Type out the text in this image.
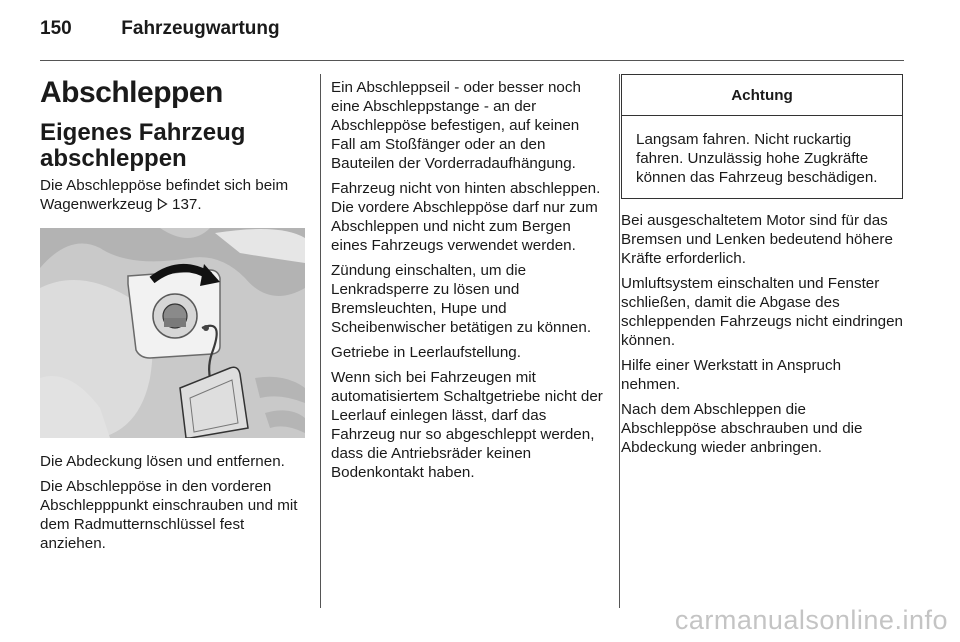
150	Fahrzeugwartung
Abschleppen
Eigenes Fahrzeug abschleppen

Die Abschleppöse befindet sich beim Wagenwerkzeug 137.

Die Abdeckung lösen und entfernen.

Die Abschleppöse in den vorderen Abschlepppunkt einschrauben und mit dem Radmutternschlüssel fest anziehen.

Ein Abschleppseil - oder besser noch eine Abschleppstange - an der Abschleppöse befestigen, auf keinen Fall am Stoßfänger oder an den Bauteilen der Vorderradaufhängung.

Fahrzeug nicht von hinten abschleppen. Die vordere Abschleppöse darf nur zum Abschleppen und nicht zum Bergen eines Fahrzeugs verwendet werden.

Zündung einschalten, um die Lenkradsperre zu lösen und Bremsleuchten, Hupe und Scheibenwischer betätigen zu können.

Getriebe in Leerlaufstellung.

Wenn sich bei Fahrzeugen mit automatisiertem Schaltgetriebe nicht der Leerlauf einlegen lässt, darf das Fahrzeug nur so abgeschleppt werden, dass die Antriebsräder keinen Bodenkontakt haben.

Achtung
Langsam fahren. Nicht ruckartig fahren. Unzulässig hohe Zugkräfte können das Fahrzeug beschädigen.

Bei ausgeschaltetem Motor sind für das Bremsen und Lenken bedeutend höhere Kräfte erforderlich.

Umluftsystem einschalten und Fenster schließen, damit die Abgase des schleppenden Fahrzeugs nicht eindringen können.

Hilfe einer Werkstatt in Anspruch nehmen.

Nach dem Abschleppen die Abschleppöse abschrauben und die Abdeckung wieder anbringen.

carmanualsonline.info
